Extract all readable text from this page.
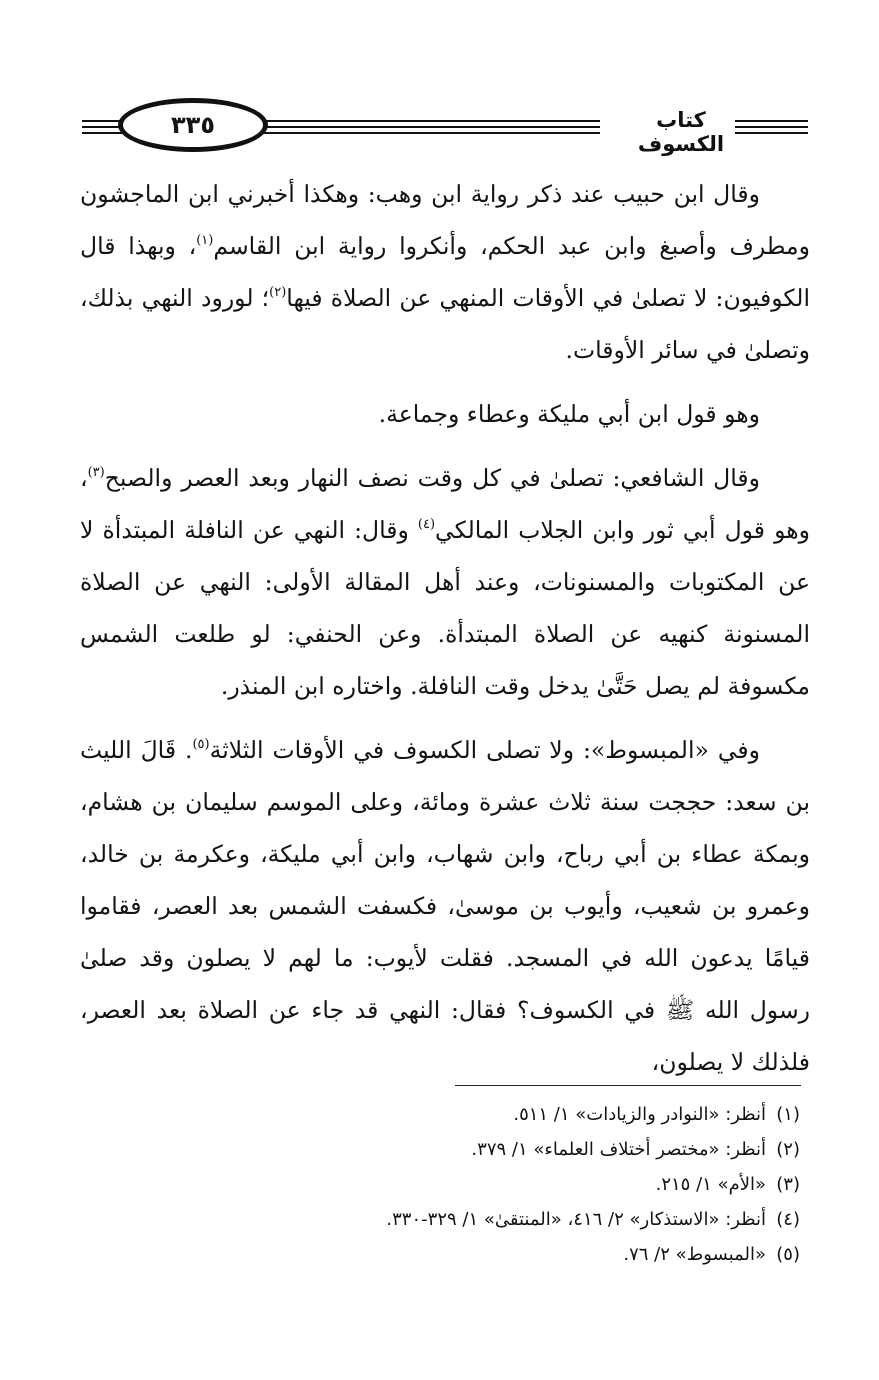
كتاب الكسوف
٣٣٥

وقال ابن حبيب عند ذكر رواية ابن وهب: وهكذا أخبرني ابن الماجشون ومطرف وأصبغ وابن عبد الحكم، وأنكروا رواية ابن القاسم$^{(١)}$، وبهذا قال الكوفيون: لا تصلىٰ في الأوقات المنهي عن الصلاة فيها$^{(٢)}$؛ لورود النهي بذلك، وتصلىٰ في سائر الأوقات.

وهو قول ابن أبي مليكة وعطاء وجماعة.

وقال الشافعي: تصلىٰ في كل وقت نصف النهار وبعد العصر والصبح$^{(٣)}$، وهو قول أبي ثور وابن الجلاب المالكي$^{(٤)}$ وقال: النهي عن النافلة المبتدأة لا عن المكتوبات والمسنونات، وعند أهل المقالة الأولى: النهي عن الصلاة المسنونة كنهيه عن الصلاة المبتدأة. وعن الحنفي: لو طلعت الشمس مكسوفة لم يصل حَتَّىٰ يدخل وقت النافلة. واختاره ابن المنذر.

وفي «المبسوط»: ولا تصلى الكسوف في الأوقات الثلاثة$^{(٥)}$. قَالَ الليث بن سعد: حججت سنة ثلاث عشرة ومائة، وعلى الموسم سليمان بن هشام، وبمكة عطاء بن أبي رباح، وابن شهاب، وابن أبي مليكة، وعكرمة بن خالد، وعمرو بن شعيب، وأيوب بن موسىٰ، فكسفت الشمس بعد العصر، فقاموا قيامًا يدعون الله في المسجد. فقلت لأيوب: ما لهم لا يصلون وقد صلىٰ رسول الله ﷺ في الكسوف؟ فقال: النهي قد جاء عن الصلاة بعد العصر، فلذلك لا يصلون،

(١)أنظر: «النوادر والزيادات» ١/ ٥١١.
(٢)أنظر: «مختصر أختلاف العلماء» ١/ ٣٧٩.
(٣)«الأم» ١/ ٢١٥.
(٤)أنظر: «الاستذكار» ٢/ ٤١٦، «المنتقىٰ» ١/ ٣٢٩-٣٣٠.
(٥)«المبسوط» ٢/ ٧٦.
